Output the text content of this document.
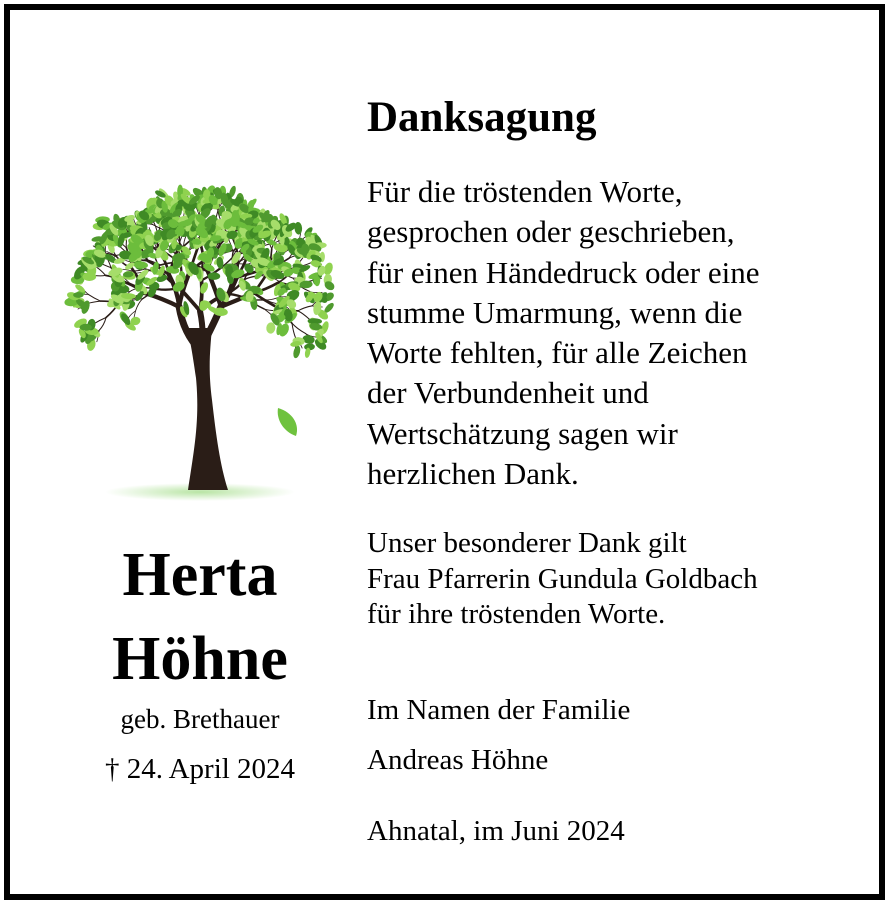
Herta
Höhne
geb. Brethauer
† 24. April 2024
Danksagung
Für die tröstenden Worte,
gesprochen oder geschrieben,
für einen Händedruck oder eine
stumme Umarmung, wenn die
Worte fehlten, für alle Zeichen
der Verbundenheit und
Wertschätzung sagen wir
herzlichen Dank.
Unser besonderer Dank gilt
Frau Pfarrerin Gundula Goldbach
für ihre tröstenden Worte.
Im Namen der Familie
Andreas Höhne
Ahnatal, im Juni 2024
